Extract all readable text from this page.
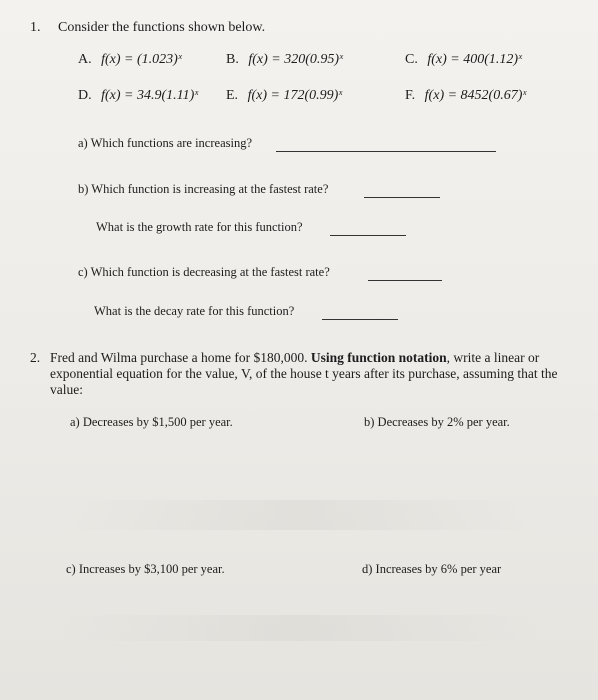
1. Consider the functions shown below.
A. f(x) = (1.023)ˣ	B. f(x) = 320(0.95)ˣ	C. f(x) = 400(1.12)ˣ
D. f(x) = 34.9(1.11)ˣ E. f(x) = 172(0.99)ˣ	F. f(x) = 8452(0.67)ˣ
a) Which functions are increasing?
b) Which function is increasing at the fastest rate?
What is the growth rate for this function?
c) Which function is decreasing at the fastest rate?
What is the decay rate for this function?
2. Fred and Wilma purchase a home for $180,000. Using function notation, write a linear or exponential equation for the value, V, of the house t years after its purchase, assuming that the value:
a) Decreases by $1,500 per year.	b) Decreases by 2% per year.
c) Increases by $3,100 per year.	d) Increases by 6% per year
